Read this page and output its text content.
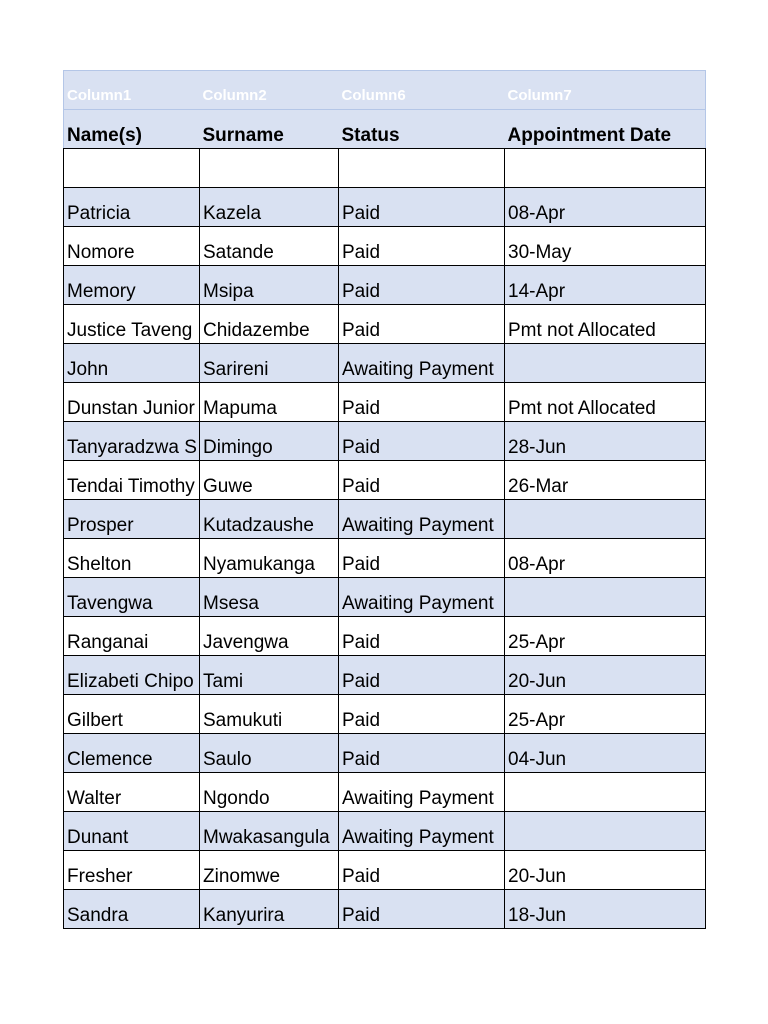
Column1	Column2	Column6	Column7
Name(s)	Surname	Status	Appointment Date

Patricia	Kazela	Paid	08-Apr
Nomore	Satande	Paid	30-May
Memory	Msipa	Paid	14-Apr
Justice Taveng	Chidazembe	Paid	Pmt not Allocated
John	Sarireni	Awaiting Payment	
Dunstan Junior	Mapuma	Paid	Pmt not Allocated
Tanyaradzwa S	Dimingo	Paid	28-Jun
Tendai Timothy	Guwe	Paid	26-Mar
Prosper	Kutadzaushe	Awaiting Payment	
Shelton	Nyamukanga	Paid	08-Apr
Tavengwa	Msesa	Awaiting Payment	
Ranganai	Javengwa	Paid	25-Apr
Elizabeti Chipo	Tami	Paid	20-Jun
Gilbert	Samukuti	Paid	25-Apr
Clemence	Saulo	Paid	04-Jun
Walter	Ngondo	Awaiting Payment	
Dunant	Mwakasangula	Awaiting Payment	
Fresher	Zinomwe	Paid	20-Jun
Sandra	Kanyurira	Paid	18-Jun
